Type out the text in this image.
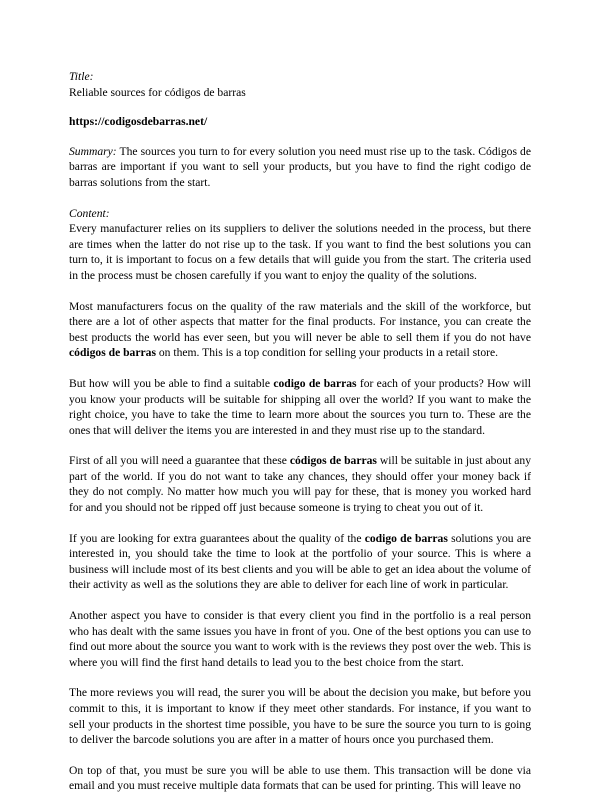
Title:
Reliable sources for códigos de barras
https://codigosdebarras.net/

Summary: The sources you turn to for every solution you need must rise up to the task. Códigos de barras are important if you want to sell your products, but you have to find the right codigo de barras solutions from the start.

Content:

Every manufacturer relies on its suppliers to deliver the solutions needed in the process, but there are times when the latter do not rise up to the task. If you want to find the best solutions you can turn to, it is important to focus on a few details that will guide you from the start. The criteria used in the process must be chosen carefully if you want to enjoy the quality of the solutions.

Most manufacturers focus on the quality of the raw materials and the skill of the workforce, but there are a lot of other aspects that matter for the final products. For instance, you can create the best products the world has ever seen, but you will never be able to sell them if you do not have códigos de barras on them. This is a top condition for selling your products in a retail store.

But how will you be able to find a suitable codigo de barras for each of your products? How will you know your products will be suitable for shipping all over the world? If you want to make the right choice, you have to take the time to learn more about the sources you turn to. These are the ones that will deliver the items you are interested in and they must rise up to the standard.

First of all you will need a guarantee that these códigos de barras will be suitable in just about any part of the world. If you do not want to take any chances, they should offer your money back if they do not comply. No matter how much you will pay for these, that is money you worked hard for and you should not be ripped off just because someone is trying to cheat you out of it.

If you are looking for extra guarantees about the quality of the codigo de barras solutions you are interested in, you should take the time to look at the portfolio of your source. This is where a business will include most of its best clients and you will be able to get an idea about the volume of their activity as well as the solutions they are able to deliver for each line of work in particular.

Another aspect you have to consider is that every client you find in the portfolio is a real person who has dealt with the same issues you have in front of you. One of the best options you can use to find out more about the source you want to work with is the reviews they post over the web. This is where you will find the first hand details to lead you to the best choice from the start.

The more reviews you will read, the surer you will be about the decision you make, but before you commit to this, it is important to know if they meet other standards. For instance, if you want to sell your products in the shortest time possible, you have to be sure the source you turn to is going to deliver the barcode solutions you are after in a matter of hours once you purchased them.

On top of that, you must be sure you will be able to use them. This transaction will be done via email and you must receive multiple data formats that can be used for printing. This will leave no
